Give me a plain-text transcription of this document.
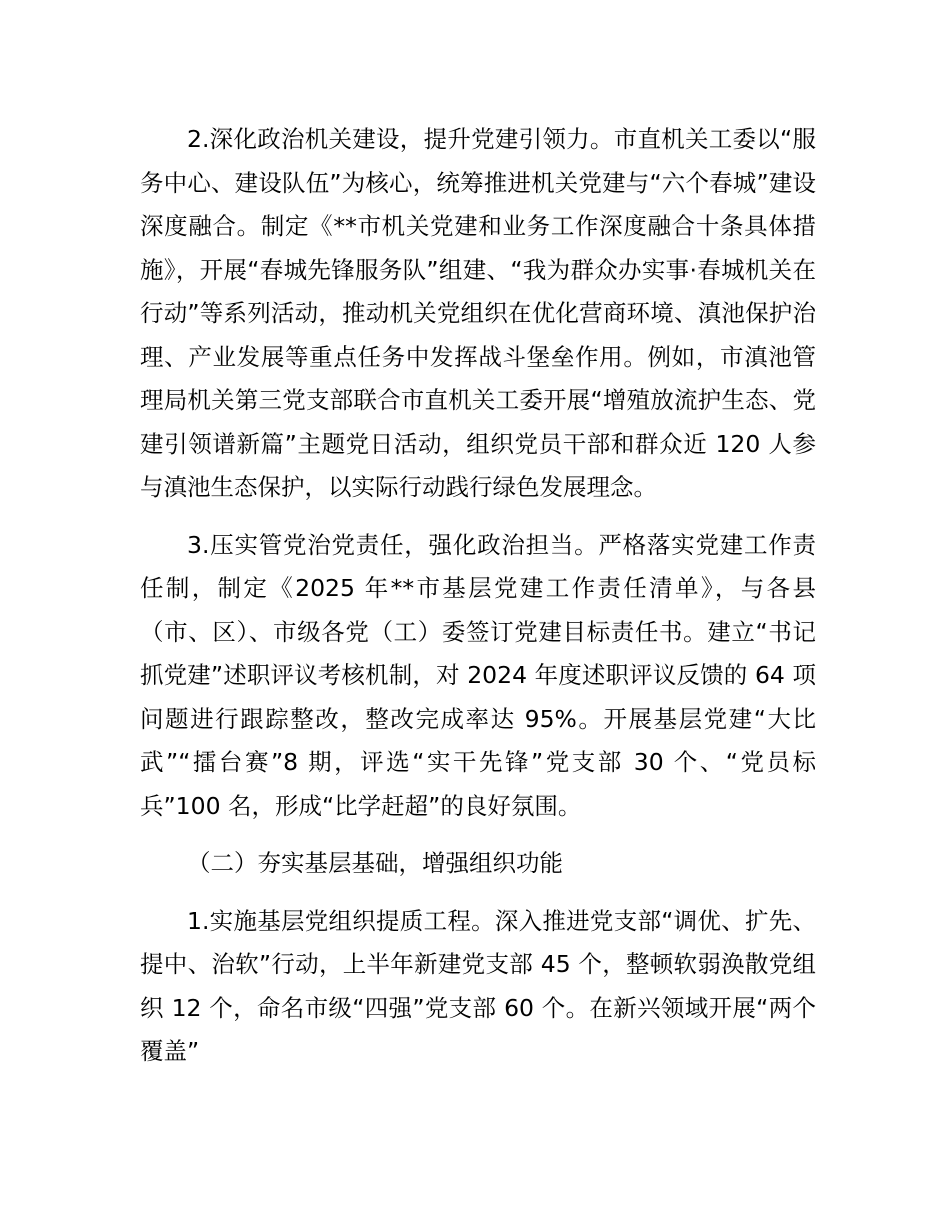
2.深化政治机关建设，提升党建引领力。市直机关工委以“服务中心、建设队伍”为核心，统筹推进机关党建与“六个春城”建设深度融合。制定《**市机关党建和业务工作深度融合十条具体措施》，开展“春城先锋服务队”组建、“我为群众办实事·春城机关在行动”等系列活动，推动机关党组织在优化营商环境、滇池保护治理、产业发展等重点任务中发挥战斗堡垒作用。例如，市滇池管理局机关第三党支部联合市直机关工委开展“增殖放流护生态、党建引领谱新篇”主题党日活动，组织党员干部和群众近 120 人参与滇池生态保护，以实际行动践行绿色发展理念。

3.压实管党治党责任，强化政治担当。严格落实党建工作责任制，制定《2025 年**市基层党建工作责任清单》，与各县（市、区）、市级各党（工）委签订党建目标责任书。建立“书记抓党建”述职评议考核机制，对 2024 年度述职评议反馈的 64 项问题进行跟踪整改，整改完成率达 95%。开展基层党建“大比武”“擂台赛”8 期，评选“实干先锋”党支部 30 个、“党员标兵”100 名，形成“比学赶超”的良好氛围。

（二）夯实基层基础，增强组织功能

1.实施基层党组织提质工程。深入推进党支部“调优、扩先、提中、治软”行动，上半年新建党支部 45 个，整顿软弱涣散党组织 12 个，命名市级“四强”党支部 60 个。在新兴领域开展“两个覆盖”
